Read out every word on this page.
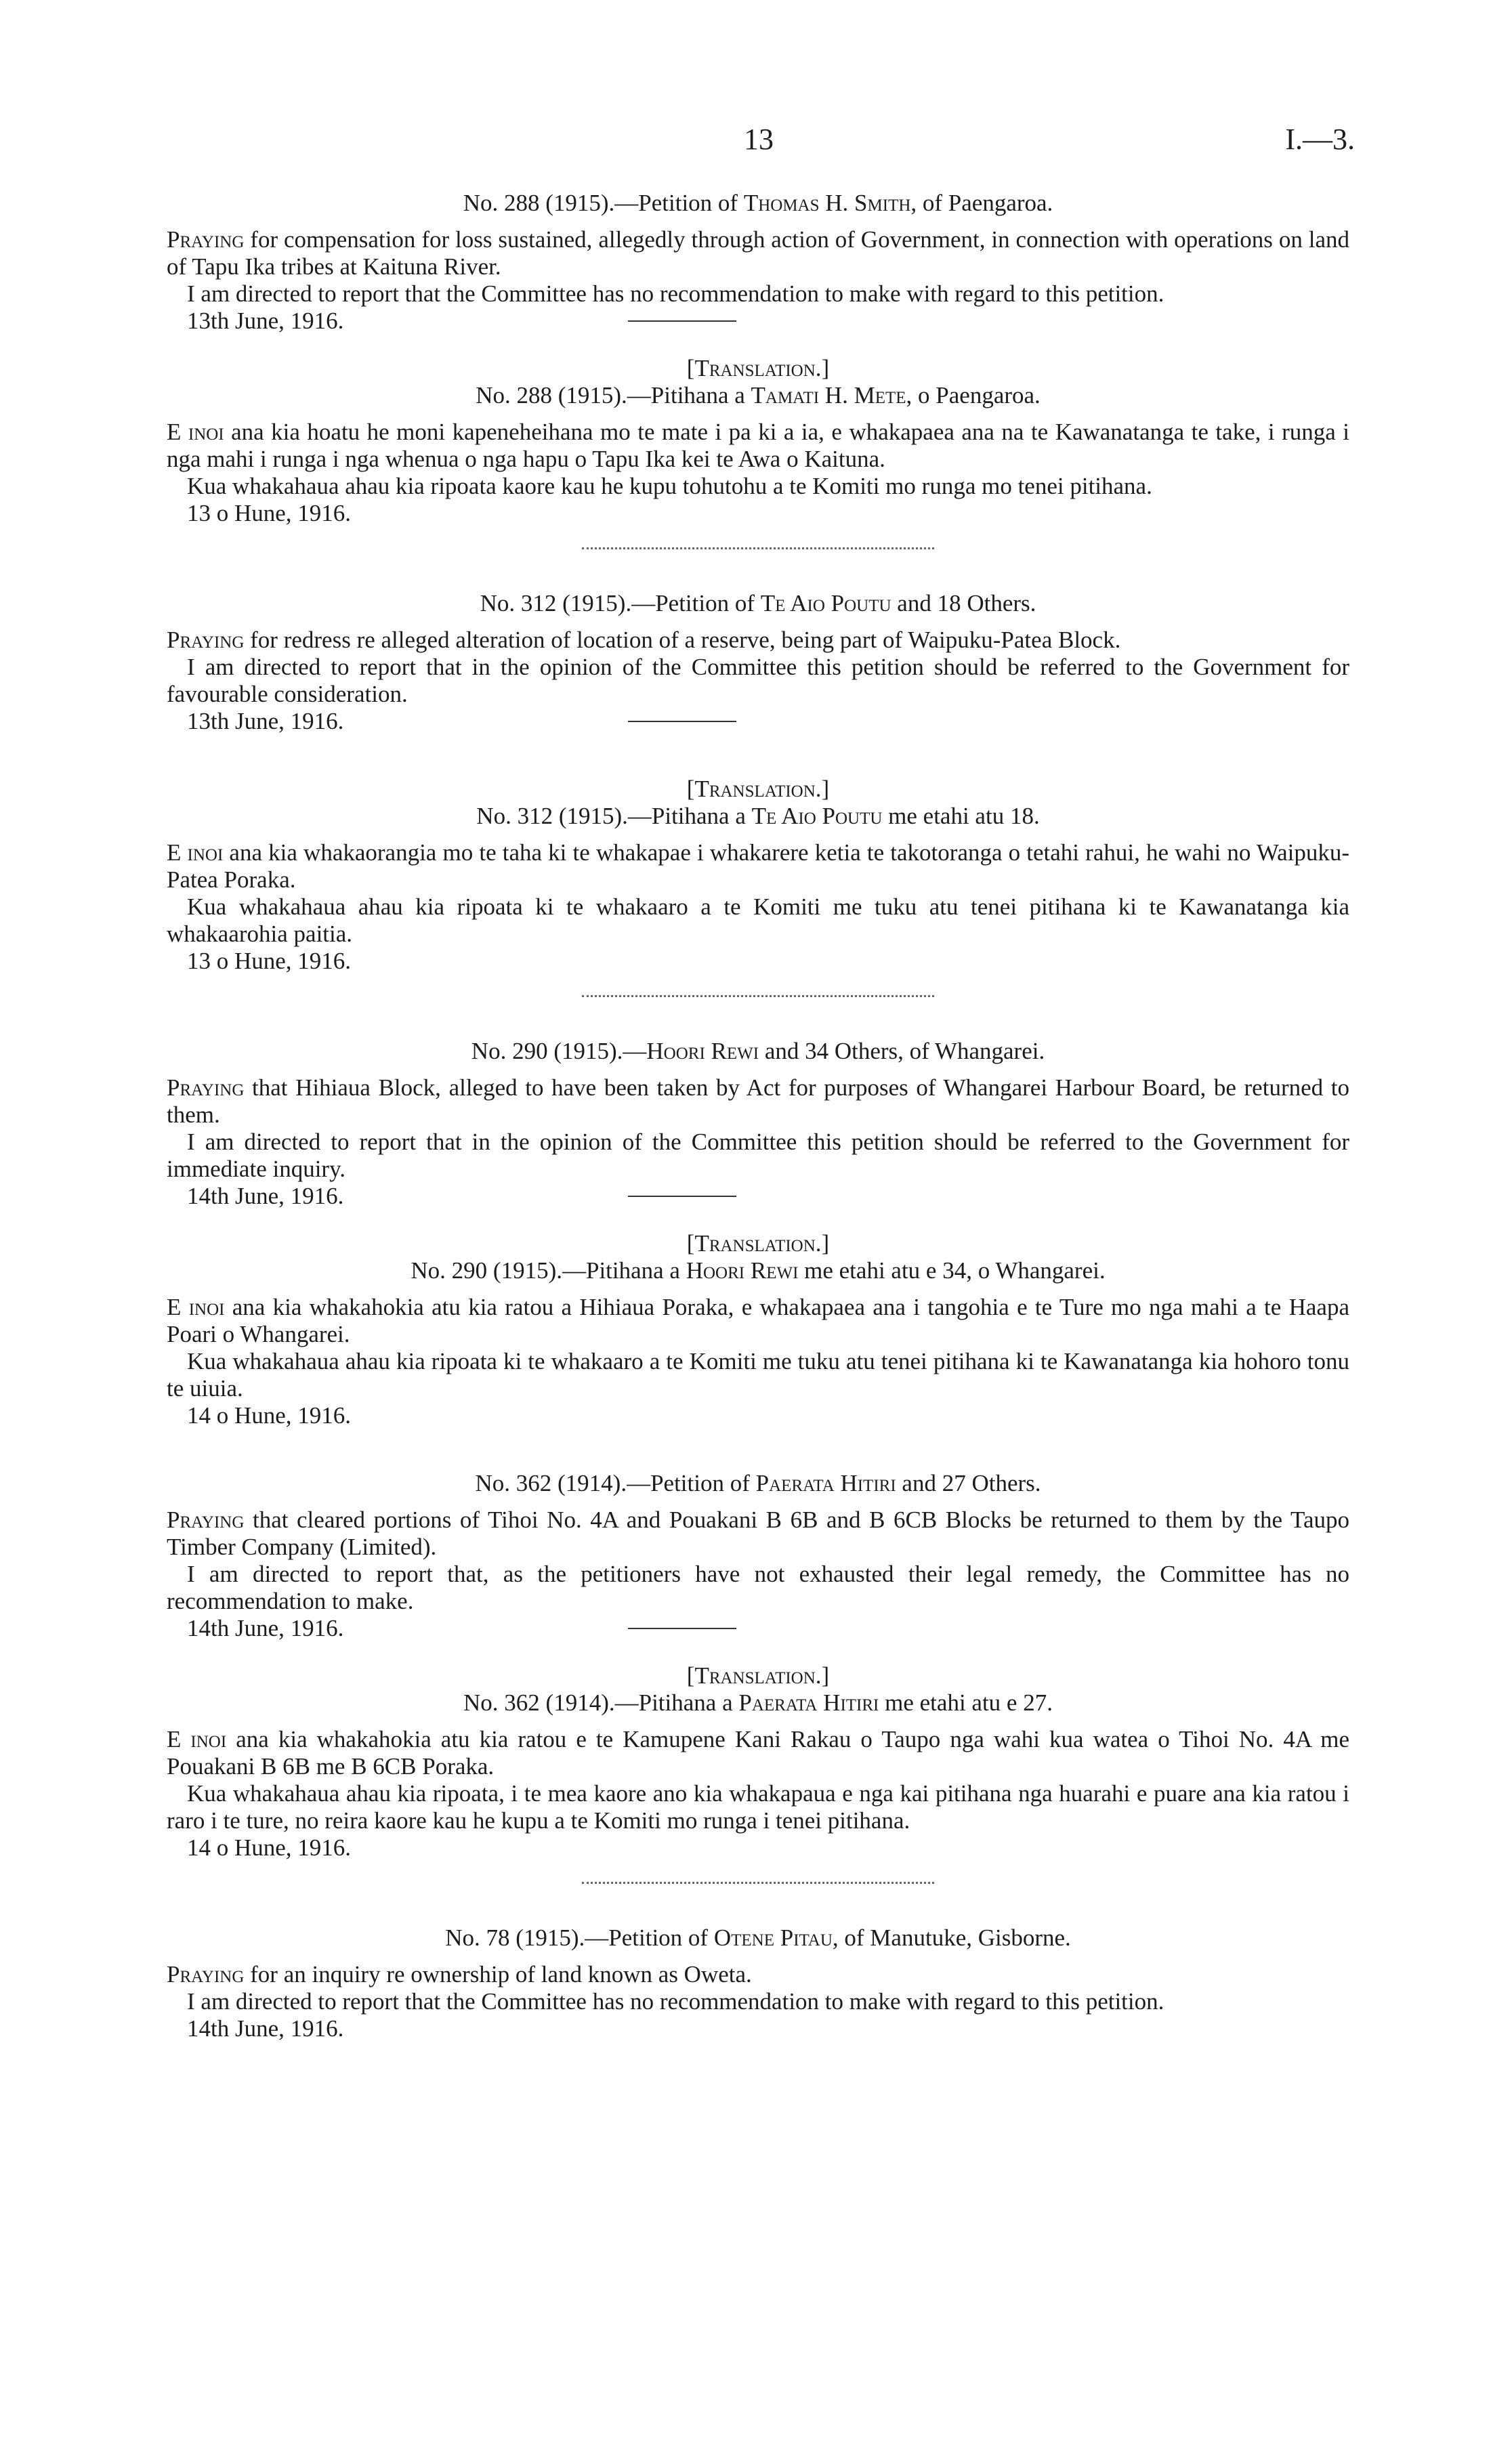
13	I.—3.

No. 288 (1915).—Petition of Thomas H. Smith, of Paengaroa.

Praying for compensation for loss sustained, allegedly through action of Government, in connection with operations on land of Tapu Ika tribes at Kaituna River.

I am directed to report that the Committee has no recommendation to make with regard to this petition.

13th June, 1916.

[Translation.]

No. 288 (1915).—Pitihana a Tamati H. Mete, o Paengaroa.

E inoi ana kia hoatu he moni kapeneheihana mo te mate i pa ki a ia, e whakapaea ana na te Kawanatanga te take, i runga i nga mahi i runga i nga whenua o nga hapu o Tapu Ika kei te Awa o Kaituna.

Kua whakahaua ahau kia ripoata kaore kau he kupu tohutohu a te Komiti mo runga mo tenei pitihana.

13 o Hune, 1916.

No. 312 (1915).—Petition of Te Aio Poutu and 18 Others.

Praying for redress re alleged alteration of location of a reserve, being part of Waipuku-Patea Block.

I am directed to report that in the opinion of the Committee this petition should be referred to the Government for favourable consideration.

13th June, 1916.

[Translation.]

No. 312 (1915).—Pitihana a Te Aio Poutu me etahi atu 18.

E inoi ana kia whakaorangia mo te taha ki te whakapae i whakarere ketia te takotoranga o tetahi rahui, he wahi no Waipuku-Patea Poraka.

Kua whakahaua ahau kia ripoata ki te whakaaro a te Komiti me tuku atu tenei pitihana ki te Kawanatanga kia whakaarohia paitia.

13 o Hune, 1916.

No. 290 (1915).—Hoori Rewi and 34 Others, of Whangarei.

Praying that Hihiaua Block, alleged to have been taken by Act for purposes of Whangarei Harbour Board, be returned to them.

I am directed to report that in the opinion of the Committee this petition should be referred to the Government for immediate inquiry.

14th June, 1916.

[Translation.]

No. 290 (1915).—Pitihana a Hoori Rewi me etahi atu e 34, o Whangarei.

E inoi ana kia whakahokia atu kia ratou a Hihiaua Poraka, e whakapaea ana i tangohia e te Ture mo nga mahi a te Haapa Poari o Whangarei.

Kua whakahaua ahau kia ripoata ki te whakaaro a te Komiti me tuku atu tenei pitihana ki te Kawanatanga kia hohoro tonu te uiuia.

14 o Hune, 1916.

No. 362 (1914).—Petition of Paerata Hitiri and 27 Others.

Praying that cleared portions of Tihoi No. 4A and Pouakani B 6B and B 6CB Blocks be returned to them by the Taupo Timber Company (Limited).

I am directed to report that, as the petitioners have not exhausted their legal remedy, the Committee has no recommendation to make.

14th June, 1916.

[Translation.]

No. 362 (1914).—Pitihana a Paerata Hitiri me etahi atu e 27.

E inoi ana kia whakahokia atu kia ratou e te Kamupene Kani Rakau o Taupo nga wahi kua watea o Tihoi No. 4A me Pouakani B 6B me B 6CB Poraka.

Kua whakahaua ahau kia ripoata, i te mea kaore ano kia whakapaua e nga kai pitihana nga huarahi e puare ana kia ratou i raro i te ture, no reira kaore kau he kupu a te Komiti mo runga i tenei pitihana.

14 o Hune, 1916.

No. 78 (1915).—Petition of Otene Pitau, of Manutuke, Gisborne.

Praying for an inquiry re ownership of land known as Oweta.

I am directed to report that the Committee has no recommendation to make with regard to this petition.

14th June, 1916.
